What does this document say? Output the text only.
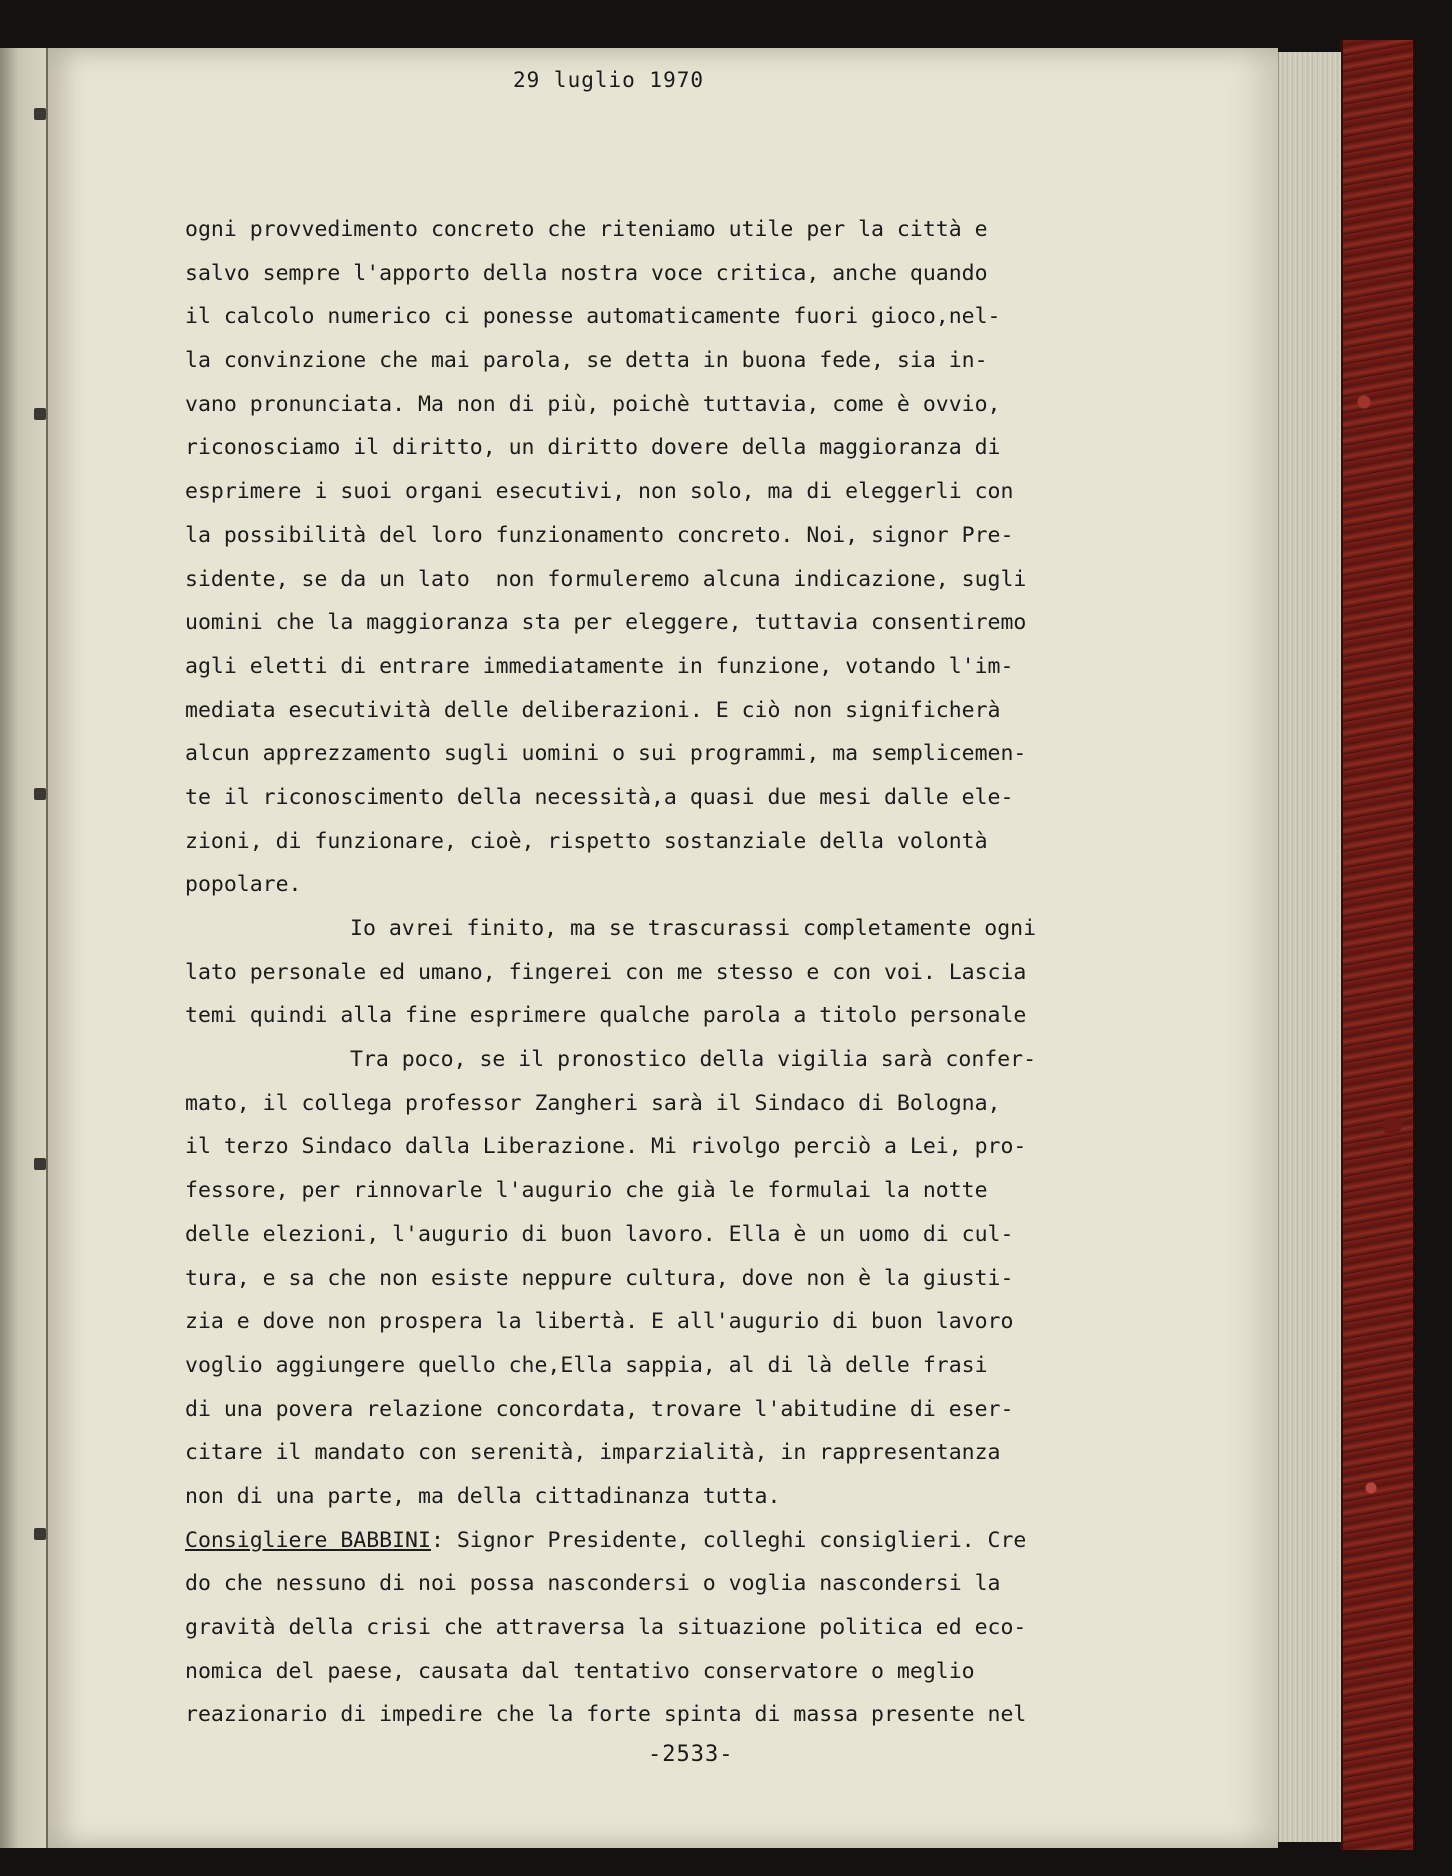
29 luglio 1970
ogni provvedimento concreto che riteniamo utile per la città e
salvo sempre l'apporto della nostra voce critica, anche quando
il calcolo numerico ci ponesse automaticamente fuori gioco,nel-
la convinzione che mai parola, se detta in buona fede, sia in-
vano pronunciata. Ma non di più, poichè tuttavia, come è ovvio,
riconosciamo il diritto, un diritto dovere della maggioranza di
esprimere i suoi organi esecutivi, non solo, ma di eleggerli con
la possibilità del loro funzionamento concreto. Noi, signor Pre-
sidente, se da un lato  non formuleremo alcuna indicazione, sugli
uomini che la maggioranza sta per eleggere, tuttavia consentiremo
agli eletti di entrare immediatamente in funzione, votando l'im-
mediata esecutività delle deliberazioni. E ciò non significherà
alcun apprezzamento sugli uomini o sui programmi, ma semplicemen-
te il riconoscimento della necessità,a quasi due mesi dalle ele-
zioni, di funzionare, cioè, rispetto sostanziale della volontà
popolare.
Io avrei finito, ma se trascurassi completamente ogni
lato personale ed umano, fingerei con me stesso e con voi. Lascia
temi quindi alla fine esprimere qualche parola a titolo personale
Tra poco, se il pronostico della vigilia sarà confer-
mato, il collega professor Zangheri sarà il Sindaco di Bologna,
il terzo Sindaco dalla Liberazione. Mi rivolgo perciò a Lei, pro-
fessore, per rinnovarle l'augurio che già le formulai la notte
delle elezioni, l'augurio di buon lavoro. Ella è un uomo di cul-
tura, e sa che non esiste neppure cultura, dove non è la giusti-
zia e dove non prospera la libertà. E all'augurio di buon lavoro
voglio aggiungere quello che,Ella sappia, al di là delle frasi
di una povera relazione concordata, trovare l'abitudine di eser-
citare il mandato con serenità, imparzialità, in rappresentanza
non di una parte, ma della cittadinanza tutta.
Consigliere BABBINI: Signor Presidente, colleghi consiglieri. Cre
do che nessuno di noi possa nascondersi o voglia nascondersi la
gravità della crisi che attraversa la situazione politica ed eco-
nomica del paese, causata dal tentativo conservatore o meglio
reazionario di impedire che la forte spinta di massa presente nel
-2533-
